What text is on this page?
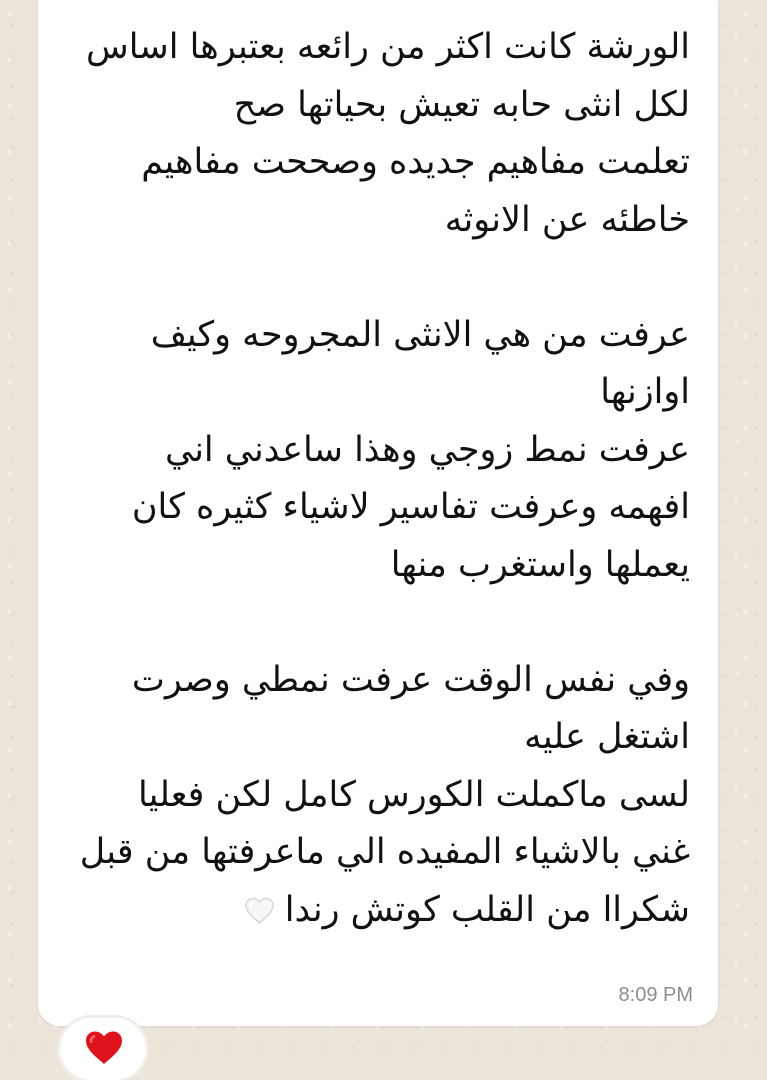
الورشة كانت اكثر من رائعه بعتبرها اساس
لكل انثى حابه تعيش بحياتها صح
تعلمت مفاهيم جديده وصححت مفاهيم
خاطئه عن الانوثه
عرفت من هي الانثى المجروحه وكيف
اوازنها
عرفت نمط زوجي وهذا ساعدني اني
افهمه وعرفت تفاسير لاشياء كثيره كان
يعملها واستغرب منها
وفي نفس الوقت عرفت نمطي وصرت
اشتغل عليه
لسى ماكملت الكورس كامل لكن فعليا
غني بالاشياء المفيده الي ماعرفتها من قبل
شكرا‌ا من القلب كوتش رندا
8:09 PM
